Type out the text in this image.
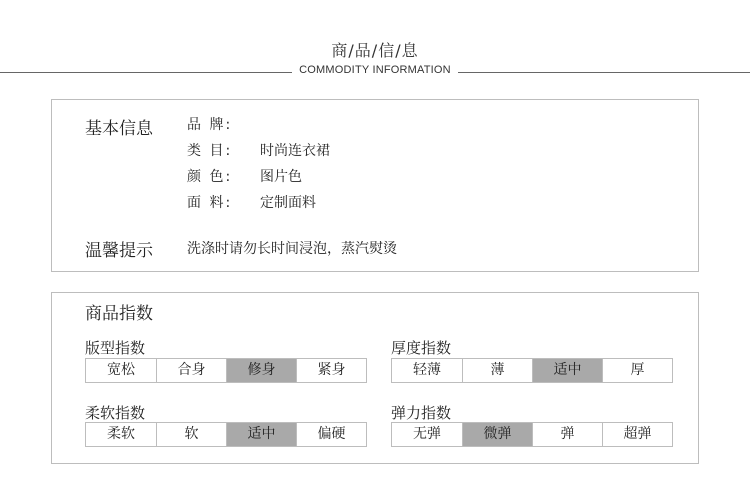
商/品/信/息
COMMODITY INFORMATION
基本信息 品 牌:
类 目: 时尚连衣裙
颜 色: 图片色
面 料: 定制面料
温馨提示 洗涤时请勿长时间浸泡，蒸汽熨烫
商品指数
版型指数
宽松	合身	修身	紧身
厚度指数
轻薄	薄	适中	厚
柔软指数
柔软	软	适中	偏硬
弹力指数
无弹	微弹	弹	超弹
